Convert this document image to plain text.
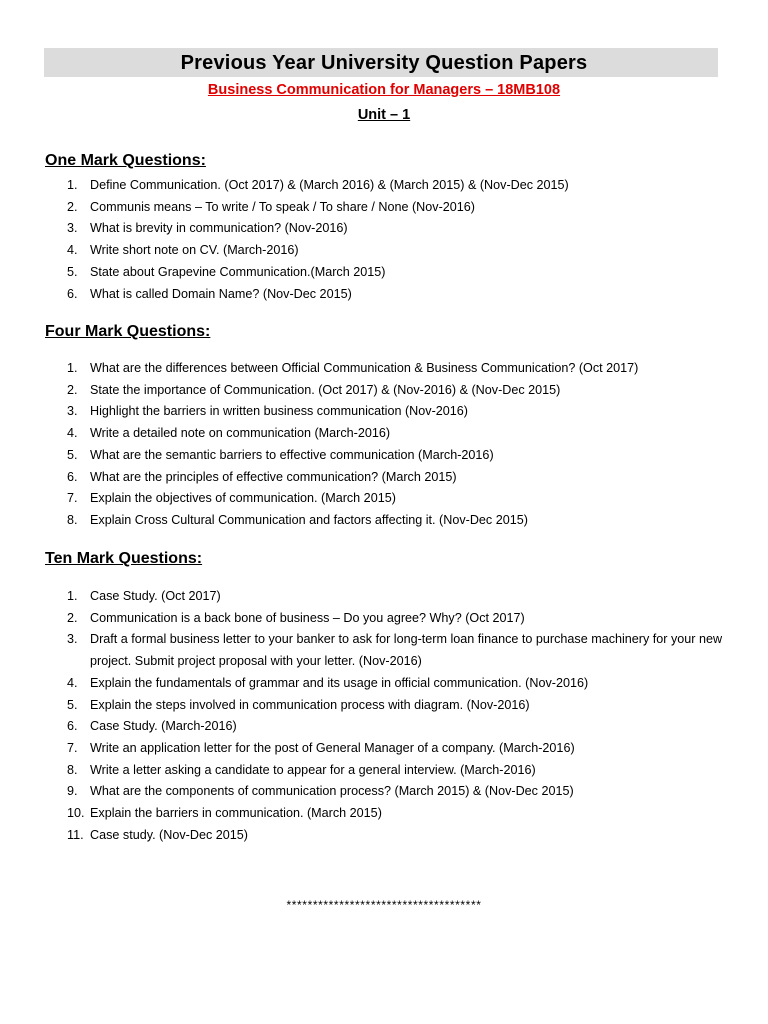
Previous Year University Question Papers
Business Communication for Managers – 18MB108
Unit – 1
One Mark Questions:
1. Define Communication. (Oct 2017) & (March 2016) & (March 2015) & (Nov-Dec 2015)
2. Communis means – To write / To speak / To share / None (Nov-2016)
3. What is brevity in communication? (Nov-2016)
4. Write short note on CV. (March-2016)
5. State about Grapevine Communication.(March 2015)
6. What is called Domain Name? (Nov-Dec 2015)
Four Mark Questions:
1. What are the differences between Official Communication & Business Communication? (Oct 2017)
2. State the importance of Communication. (Oct 2017) & (Nov-2016) & (Nov-Dec 2015)
3. Highlight the barriers in written business communication (Nov-2016)
4. Write a detailed note on communication (March-2016)
5. What are the semantic barriers to effective communication (March-2016)
6. What are the principles of effective communication? (March 2015)
7. Explain the objectives of communication. (March 2015)
8. Explain Cross Cultural Communication and factors affecting it. (Nov-Dec 2015)
Ten Mark Questions:
1. Case Study. (Oct 2017)
2. Communication is a back bone of business – Do you agree? Why? (Oct 2017)
3. Draft a formal business letter to your banker to ask for long-term loan finance to purchase machinery for your new project. Submit project proposal with your letter. (Nov-2016)
4. Explain the fundamentals of grammar and its usage in official communication. (Nov-2016)
5. Explain the steps involved in communication process with diagram. (Nov-2016)
6. Case Study. (March-2016)
7. Write an application letter for the post of General Manager of a company. (March-2016)
8. Write a letter asking a candidate to appear for a general interview. (March-2016)
9. What are the components of communication process? (March 2015) & (Nov-Dec 2015)
10. Explain the barriers in communication. (March 2015)
11. Case study. (Nov-Dec 2015)
*************************************
